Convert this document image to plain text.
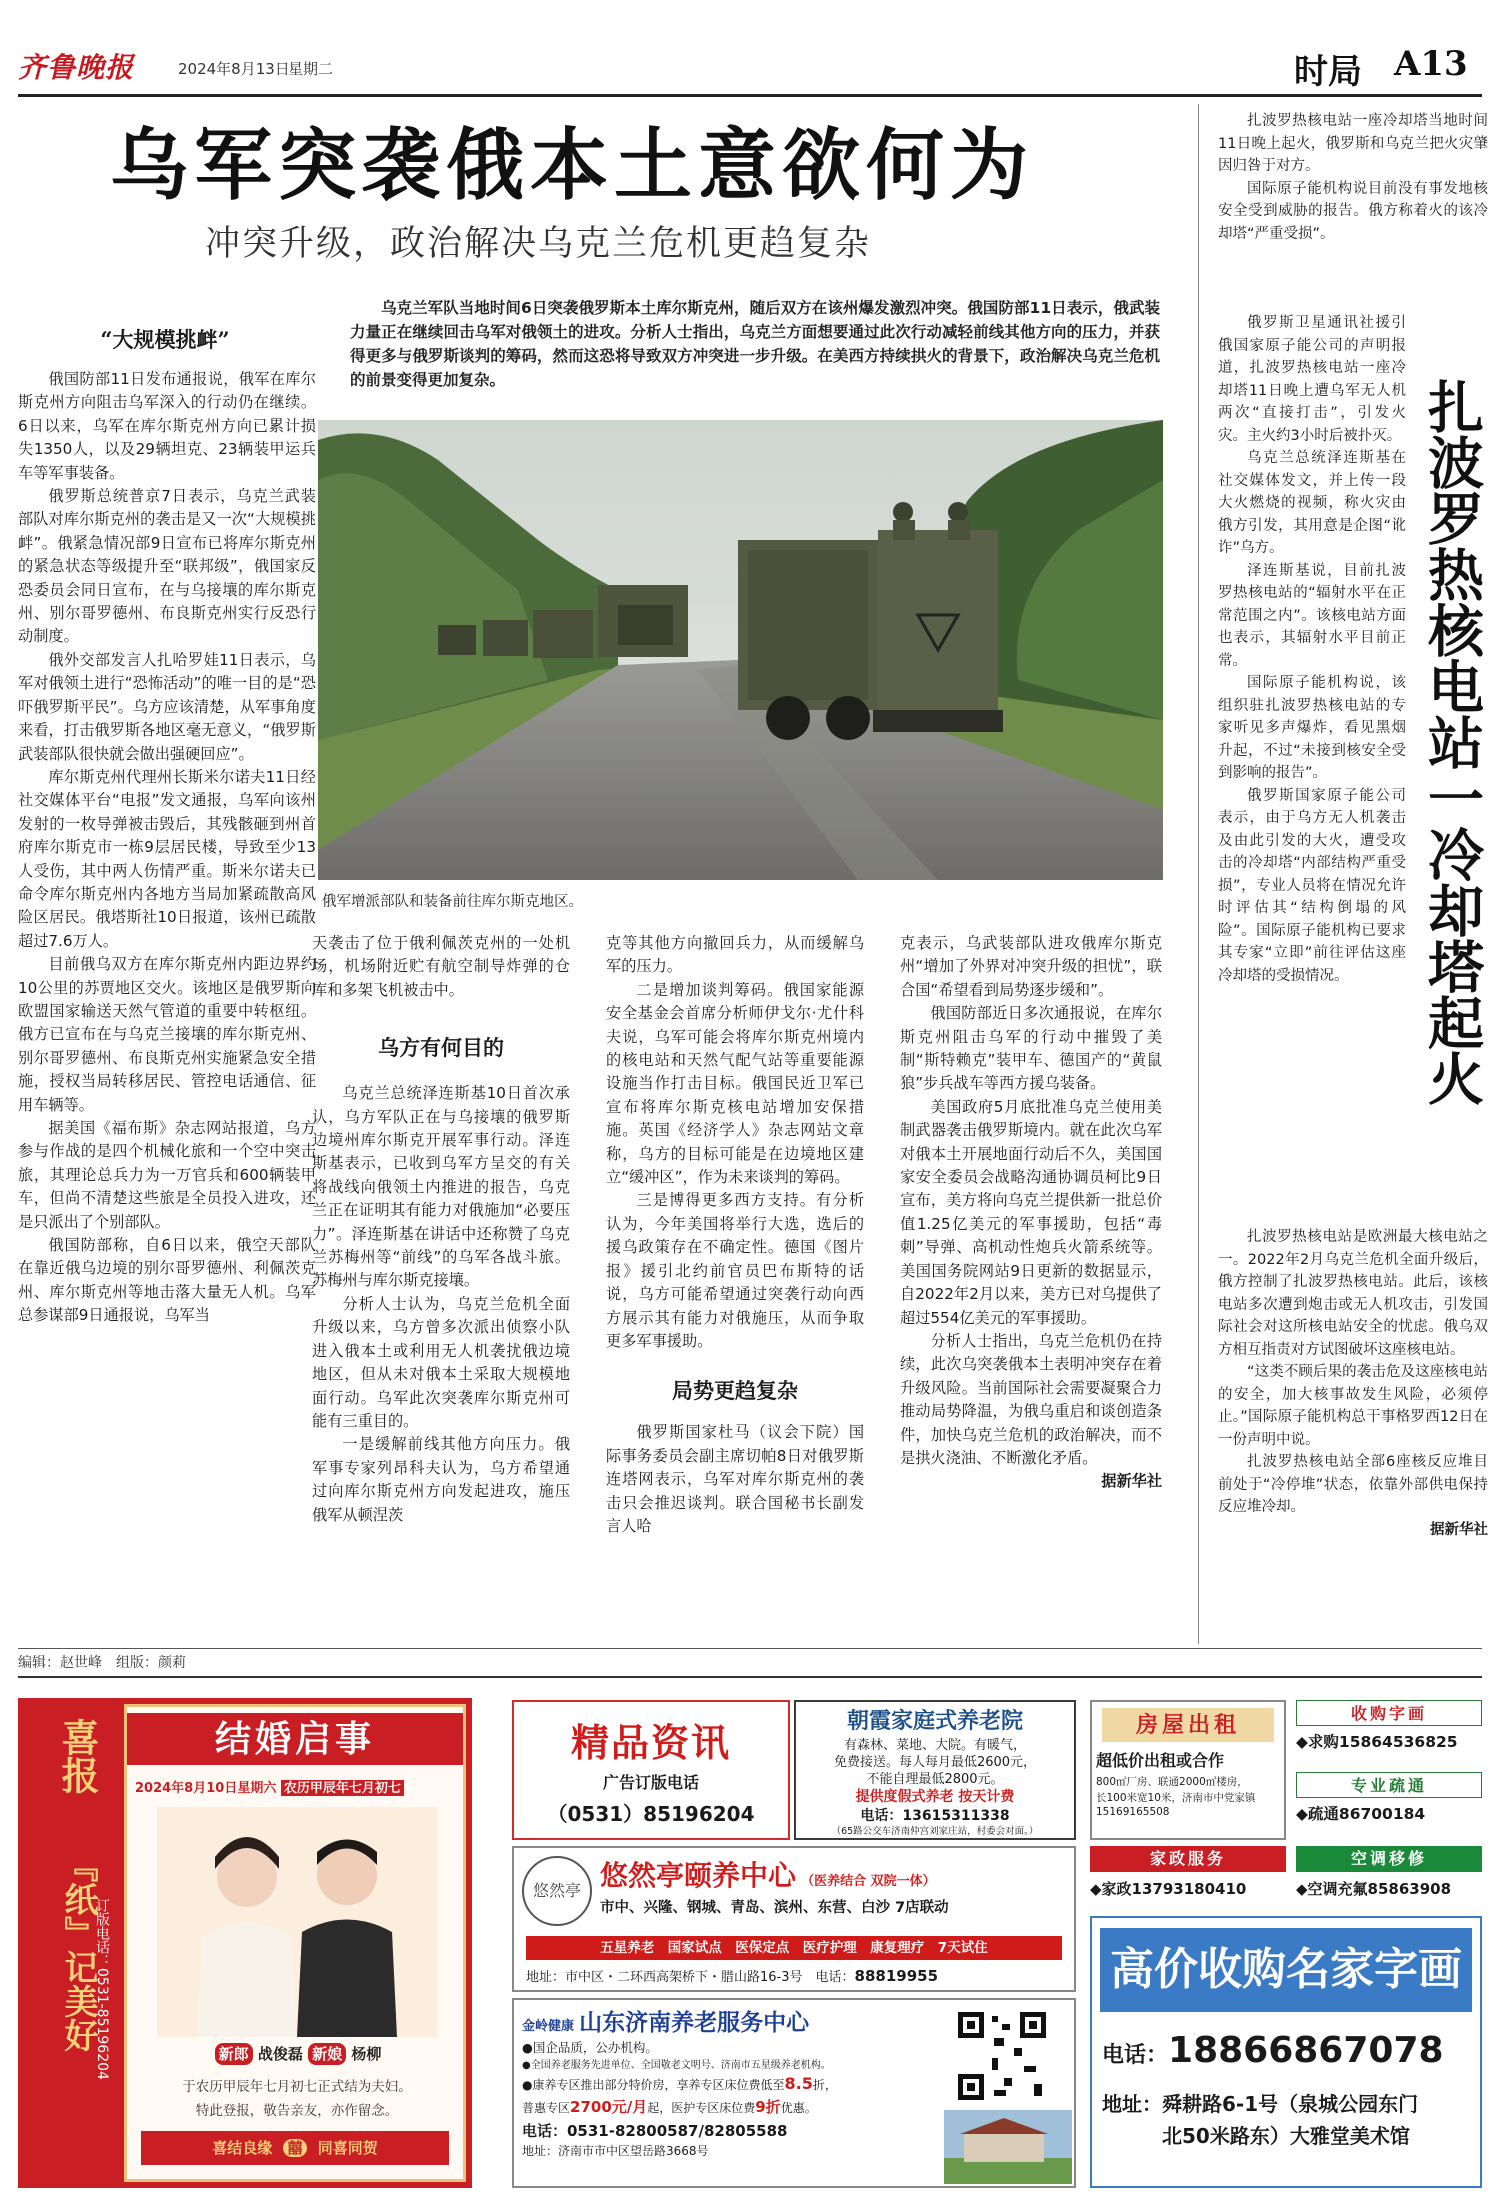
齐鲁晚报	2024年8月13日
星期二	时局 A13
乌军突袭俄本土意欲何为
冲突升级，政治解决乌克兰危机更趋复杂
乌克兰军队当地时间6日突袭俄罗斯本土库尔斯克州，随后双方在该州爆发激烈冲突。俄国防部11日表示，俄武装力量正在继续回击乌军对俄领土的进攻。分析人士指出，乌克兰方面想要通过此次行动减轻前线其他方向的压力，并获得更多与俄罗斯谈判的筹码，然而这恐将导致双方冲突进一步升级。在美西方持续拱火的背景下，政治解决乌克兰危机的前景变得更加复杂。
俄军增派部队和装备前往库尔斯克地区。
“大规模挑衅”

俄国防部11日发布通报说，俄军在库尔斯克州方向阻击乌军深入的行动仍在继续。6日以来，乌军在库尔斯克州方向已累计损失1350人，以及29辆坦克、23辆装甲运兵车等军事装备。

俄罗斯总统普京7日表示，乌克兰武装部队对库尔斯克州的袭击是又一次“大规模挑衅”。俄紧急情况部9日宣布已将库尔斯克州的紧急状态等级提升至“联邦级”，俄国家反恐委员会同日宣布，在与乌接壤的库尔斯克州、别尔哥罗德州、布良斯克州实行反恐行动制度。

俄外交部发言人扎哈罗娃11日表示，乌军对俄领土进行“恐怖活动”的唯一目的是“恐吓俄罗斯平民”。乌方应该清楚，从军事角度来看，打击俄罗斯各地区毫无意义，“俄罗斯武装部队很快就会做出强硬回应”。

库尔斯克州代理州长斯米尔诺夫11日经社交媒体平台“电报”发文通报，乌军向该州发射的一枚导弹被击毁后，其残骸砸到州首府库尔斯克市一栋9层居民楼，导致至少13人受伤，其中两人伤情严重。斯米尔诺夫已命令库尔斯克州内各地方当局加紧疏散高风险区居民。俄塔斯社10日报道，该州已疏散超过7.6万人。

目前俄乌双方在库尔斯克州内距边界约10公里的苏贾地区交火。该地区是俄罗斯向欧盟国家输送天然气管道的重要中转枢纽。俄方已宣布在与乌克兰接壤的库尔斯克州、别尔哥罗德州、布良斯克州实施紧急安全措施，授权当局转移居民、管控电话通信、征用车辆等。

据美国《福布斯》杂志网站报道，乌方参与作战的是四个机械化旅和一个空中突击旅，其理论总兵力为一万官兵和600辆装甲车，但尚不清楚这些旅是全员投入进攻，还是只派出了个别部队。

俄国防部称，自6日以来，俄空天部队在靠近俄乌边境的别尔哥罗德州、利佩茨克州、库尔斯克州等地击落大量无人机。乌军总参谋部9日通报说，乌军当

天袭击了位于俄利佩茨克州的一处机场，机场附近贮有航空制导炸弹的仓库和多架飞机被击中。

乌方有何目的

乌克兰总统泽连斯基10日首次承认，乌方军队正在与乌接壤的俄罗斯边境州库尔斯克开展军事行动。泽连斯基表示，已收到乌军方呈交的有关将战线向俄领土内推进的报告，乌克兰正在证明其有能力对俄施加“必要压力”。泽连斯基在讲话中还称赞了乌克兰苏梅州等“前线”的乌军各战斗旅。苏梅州与库尔斯克接壤。

分析人士认为，乌克兰危机全面升级以来，乌方曾多次派出侦察小队进入俄本土或利用无人机袭扰俄边境地区，但从未对俄本土采取大规模地面行动。乌军此次突袭库尔斯克州可能有三重目的。

一是缓解前线其他方向压力。俄军事专家列昂科夫认为，乌方希望通过向库尔斯克州方向发起进攻，施压俄军从顿涅茨

克等其他方向撤回兵力，从而缓解乌军的压力。

二是增加谈判筹码。俄国家能源安全基金会首席分析师伊戈尔·尤什科夫说，乌军可能会将库尔斯克州境内的核电站和天然气配气站等重要能源设施当作打击目标。俄国民近卫军已宣布将库尔斯克核电站增加安保措施。英国《经济学人》杂志网站文章称，乌方的目标可能是在边境地区建立“缓冲区”，作为未来谈判的筹码。

三是博得更多西方支持。有分析认为，今年美国将举行大选，选后的援乌政策存在不确定性。德国《图片报》援引北约前官员巴布斯特的话说，乌方可能希望通过突袭行动向西方展示其有能力对俄施压，从而争取更多军事援助。

局势更趋复杂

俄罗斯国家杜马（议会下院）国际事务委员会副主席切帕8日对俄罗斯连塔网表示，乌军对库尔斯克州的袭击只会推迟谈判。联合国秘书长副发言人哈

克表示，乌武装部队进攻俄库尔斯克州“增加了外界对冲突升级的担忧”，联合国“希望看到局势逐步缓和”。

俄国防部近日多次通报说，在库尔斯克州阻击乌军的行动中摧毁了美制“斯特赖克”装甲车、德国产的“黄鼠狼”步兵战车等西方援乌装备。

美国政府5月底批准乌克兰使用美制武器袭击俄罗斯境内。就在此次乌军对俄本土开展地面行动后不久，美国国家安全委员会战略沟通协调员柯比9日宣布，美方将向乌克兰提供新一批总价值1.25亿美元的军事援助，包括“毒刺”导弹、高机动性炮兵火箭系统等。美国国务院网站9日更新的数据显示，自2022年2月以来，美方已对乌提供了超过554亿美元的军事援助。

分析人士指出，乌克兰危机仍在持续，此次乌突袭俄本土表明冲突存在着升级风险。当前国际社会需要凝聚合力推动局势降温，为俄乌重启和谈创造条件，加快乌克兰危机的政治解决，而不是拱火浇油、不断激化矛盾。

据新华社

扎波罗热核电站一座冷却塔当地时间11日晚上起火，俄罗斯和乌克兰把火灾肇因归咎于对方。

国际原子能机构说目前没有事发地核安全受到威胁的报告。俄方称着火的该冷却塔“严重受损”。

俄罗斯卫星通讯社援引俄国家原子能公司的声明报道，扎波罗热核电站一座冷却塔11日晚上遭乌军无人机两次“直接打击”，引发火灾。主火约3小时后被扑灭。

乌克兰总统泽连斯基在社交媒体发文，并上传一段大火燃烧的视频，称火灾由俄方引发，其用意是企图“讹诈”乌方。

泽连斯基说，目前扎波罗热核电站的“辐射水平在正常范围之内”。该核电站方面也表示，其辐射水平目前正常。

国际原子能机构说，该组织驻扎波罗热核电站的专家听见多声爆炸，看见黑烟升起，不过“未接到核安全受到影响的报告”。

俄罗斯国家原子能公司表示，由于乌方无人机袭击及由此引发的大火，遭受攻击的冷却塔“内部结构严重受损”，专业人员将在情况允许时评估其“结构倒塌的风险”。国际原子能机构已要求其专家“立即”前往评估这座冷却塔的受损情况。	扎波罗热核电站一冷却塔起火

扎波罗热核电站是欧洲最大核电站之一。2022年2月乌克兰危机全面升级后，俄方控制了扎波罗热核电站。此后，该核电站多次遭到炮击或无人机攻击，引发国际社会对这所核电站安全的忧虑。俄乌双方相互指责对方试图破坏这座核电站。

“这类不顾后果的袭击危及这座核电站的安全，加大核事故发生风险，必须停止。”国际原子能机构总干事格罗西12日在一份声明中说。

扎波罗热核电站全部6座核反应堆目前处于“冷停堆”状态，依靠外部供电保持反应堆冷却。

据新华社
编辑：赵世峰　组版：颜莉
喜报
『纸』记美好
订版电话：0531-85196204
结婚启事
2024年8月10日星期六 农历甲辰年七月初七
新郎 战俊磊 新娘 杨柳
于农历甲辰年七月初七正式结为夫妇。
特此登报，敬告亲友，亦作留念。
喜结良缘 囍 同喜同贺
精品资讯
广告订版电话
（0531）85196204
朝霞家庭式养老院
有森林、菜地、大院。有暖气，
免费接送。每人每月最低2600元，
不能自理最低2800元。
提供度假式养老 按天计费
电话：13615311338
（65路公交车济南仲宫刘家庄站，村委会对面。）
悠然亭 悠然亭颐养中心 （医养结合 双院一体）
市中、兴隆、钢城、青岛、滨州、东营、白沙 7店联动
五星养老　国家试点　医保定点　医疗护理　康复理疗　7天试住
地址：市中区・二环西高架桥下・腊山路16-3号　电话：88819955
金岭健康 山东济南养老服务中心
●国企品质，公办机构。
●全国养老服务先进单位、全国敬老文明号、济南市五星级养老机构。
●康养专区推出部分特价房，享养专区床位费低至8.5折，
普惠专区2700元/月起，医护专区床位费9折优惠。
电话：0531-82800587/82805588
地址：济南市市中区望岳路3668号
房屋出租
超低价出租或合作
800㎡厂房、联通2000㎡楼房，
长100米宽10米，济南市中党家镇
15169165508
收购字画
◆求购15864536825
专业疏通
◆疏通86700184
家政服务
◆家政13793180410
空调移修
◆空调充氟85863908
高价收购名家字画
电话：18866867078
地址：舜耕路6-1号（泉城公园东门
北50米路东）大雅堂美术馆
